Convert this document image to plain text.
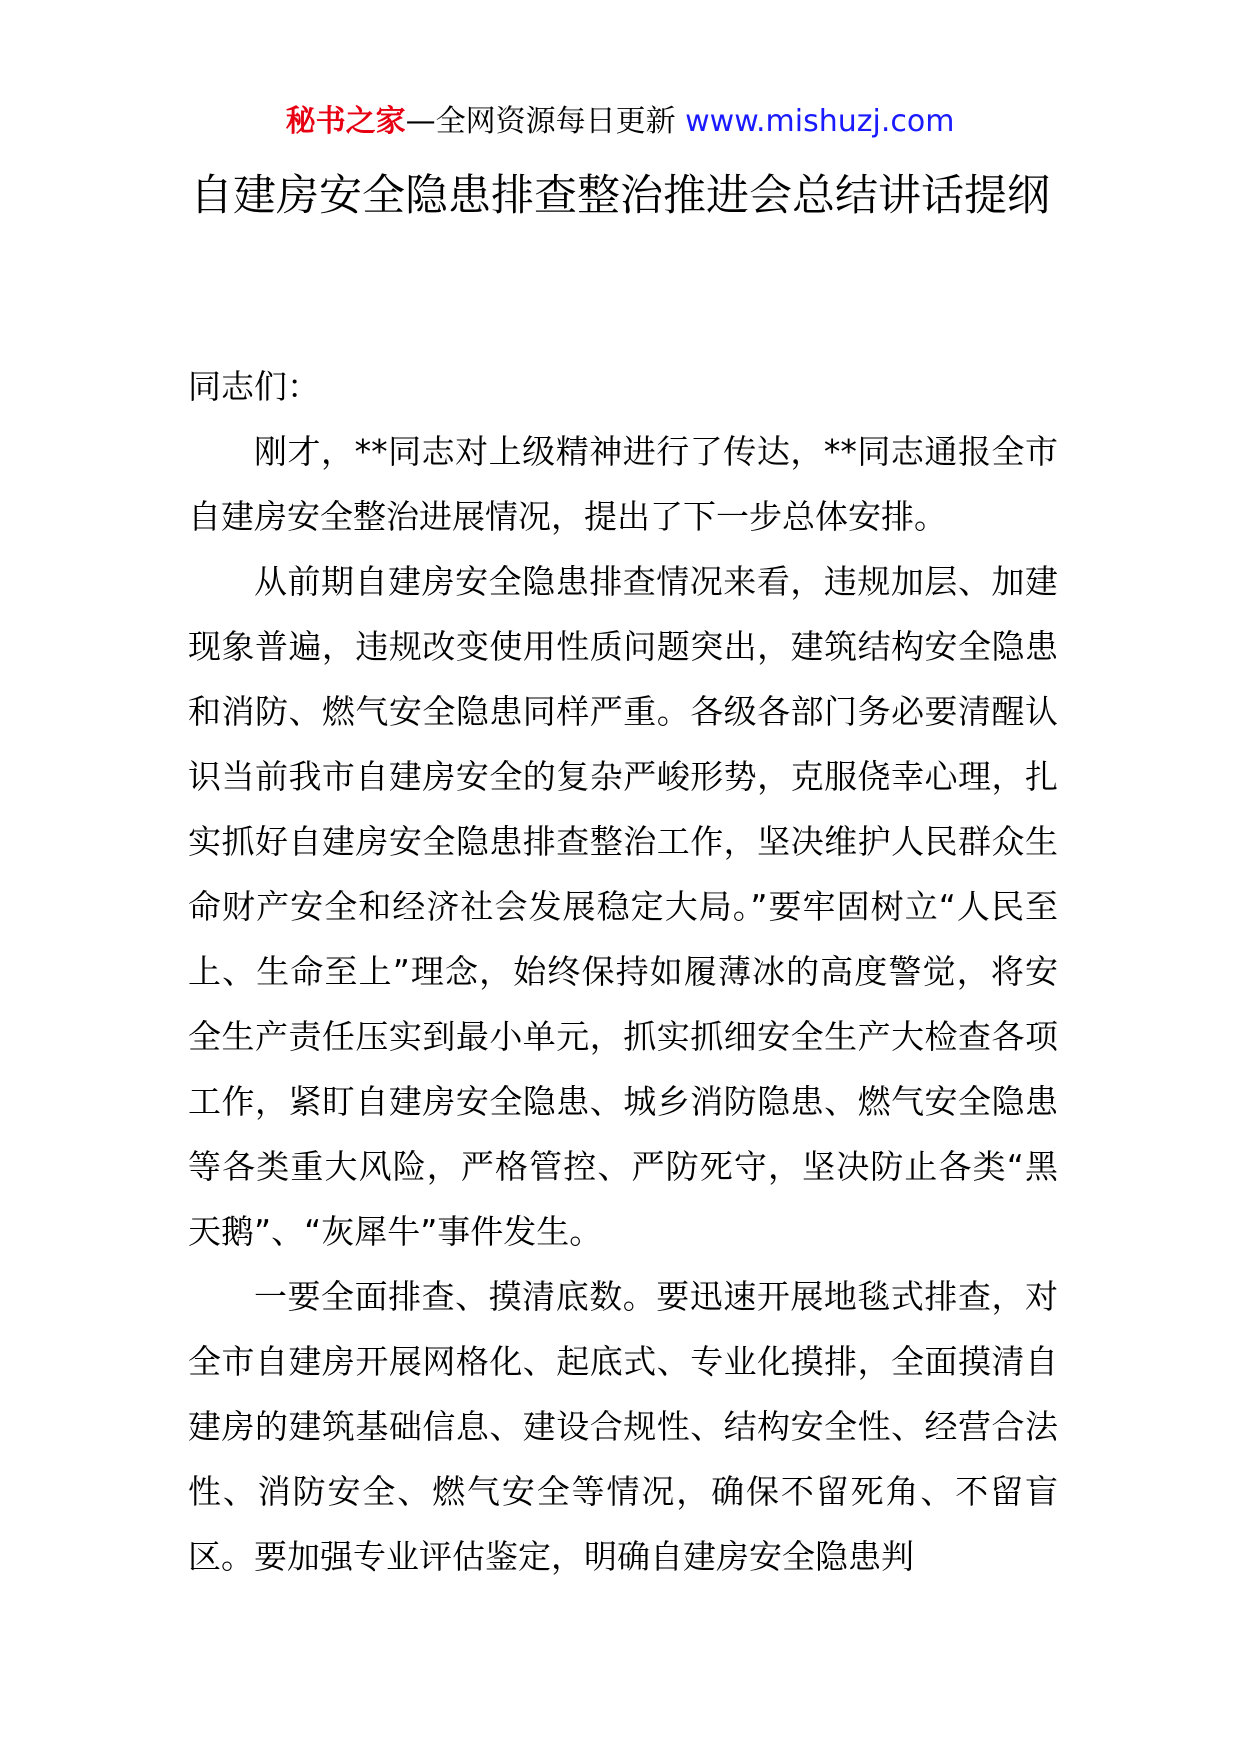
秘书之家—全网资源每日更新 www.mishuzj.com
自建房安全隐患排查整治推进会总结讲话提纲

同志们：

刚才，**同志对上级精神进行了传达，**同志通报全市自建房安全整治进展情况，提出了下一步总体安排。

从前期自建房安全隐患排查情况来看，违规加层、加建现象普遍，违规改变使用性质问题突出，建筑结构安全隐患和消防、燃气安全隐患同样严重。各级各部门务必要清醒认识当前我市自建房安全的复杂严峻形势，克服侥幸心理，扎实抓好自建房安全隐患排查整治工作，坚决维护人民群众生命财产安全和经济社会发展稳定大局。”要牢固树立“人民至上、生命至上”理念，始终保持如履薄冰的高度警觉，将安全生产责任压实到最小单元，抓实抓细安全生产大检查各项工作，紧盯自建房安全隐患、城乡消防隐患、燃气安全隐患等各类重大风险，严格管控、严防死守，坚决防止各类“黑天鹅”、“灰犀牛”事件发生。

一要全面排查、摸清底数。要迅速开展地毯式排查，对全市自建房开展网格化、起底式、专业化摸排，全面摸清自建房的建筑基础信息、建设合规性、结构安全性、经营合法性、消防安全、燃气安全等情况，确保不留死角、不留盲区。要加强专业评估鉴定，明确自建房安全隐患判
